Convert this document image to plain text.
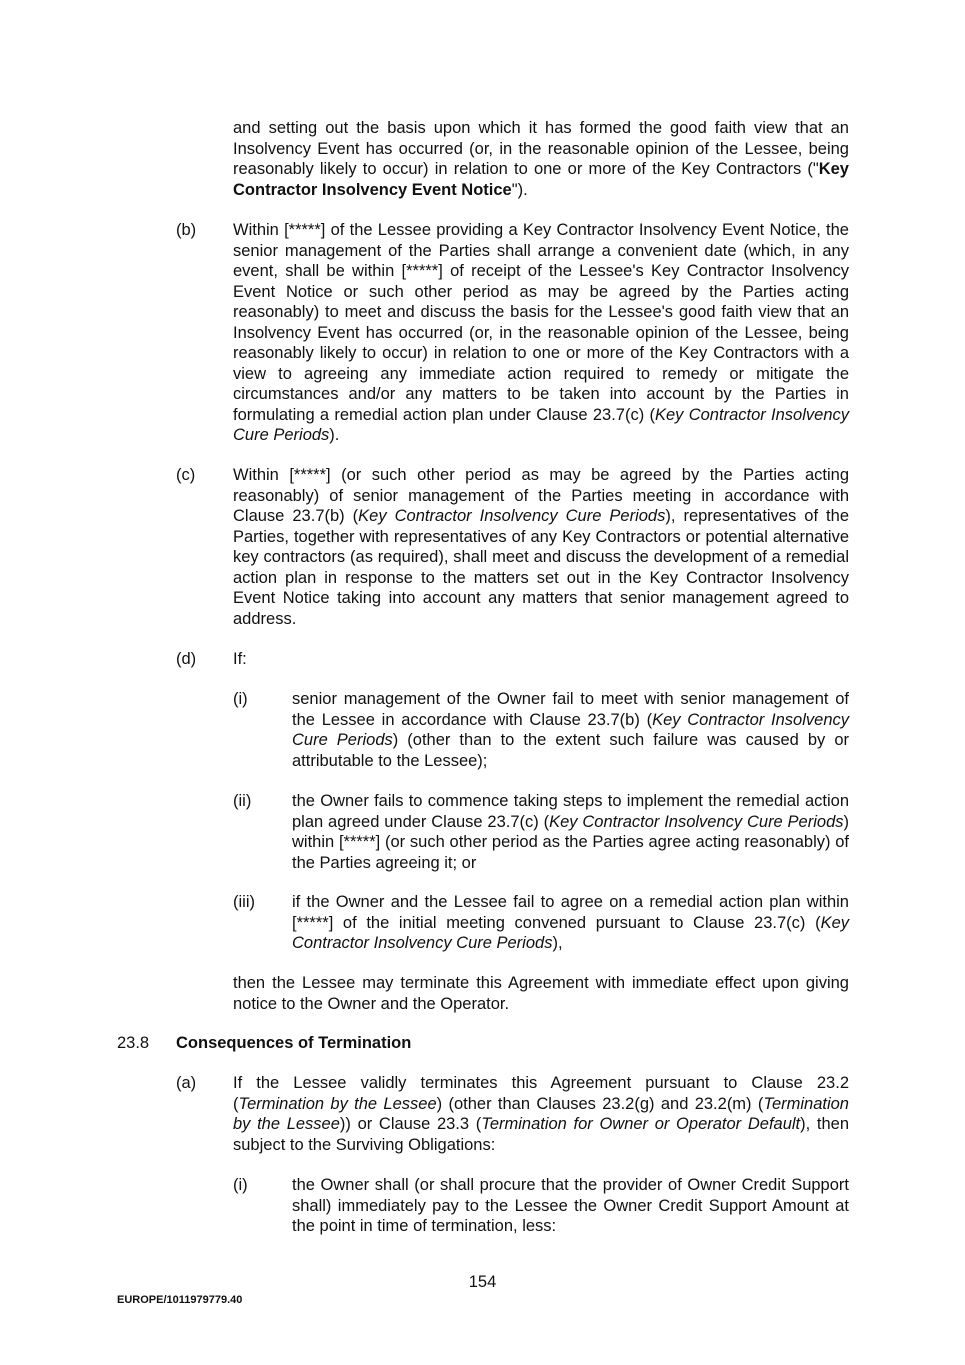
and setting out the basis upon which it has formed the good faith view that an Insolvency Event has occurred (or, in the reasonable opinion of the Lessee, being reasonably likely to occur) in relation to one or more of the Key Contractors ("Key Contractor Insolvency Event Notice").
(b) Within [*****] of the Lessee providing a Key Contractor Insolvency Event Notice, the senior management of the Parties shall arrange a convenient date (which, in any event, shall be within [*****] of receipt of the Lessee's Key Contractor Insolvency Event Notice or such other period as may be agreed by the Parties acting reasonably) to meet and discuss the basis for the Lessee's good faith view that an Insolvency Event has occurred (or, in the reasonable opinion of the Lessee, being reasonably likely to occur) in relation to one or more of the Key Contractors with a view to agreeing any immediate action required to remedy or mitigate the circumstances and/or any matters to be taken into account by the Parties in formulating a remedial action plan under Clause 23.7(c) (Key Contractor Insolvency Cure Periods).
(c) Within [*****] (or such other period as may be agreed by the Parties acting reasonably) of senior management of the Parties meeting in accordance with Clause 23.7(b) (Key Contractor Insolvency Cure Periods), representatives of the Parties, together with representatives of any Key Contractors or potential alternative key contractors (as required), shall meet and discuss the development of a remedial action plan in response to the matters set out in the Key Contractor Insolvency Event Notice taking into account any matters that senior management agreed to address.
(d) If:
(i)	senior management of the Owner fail to meet with senior management of the Lessee in accordance with Clause 23.7(b) (Key Contractor Insolvency Cure Periods) (other than to the extent such failure was caused by or attributable to the Lessee);
(ii) the Owner fails to commence taking steps to implement the remedial action plan agreed under Clause 23.7(c) (Key Contractor Insolvency Cure Periods) within [*****] (or such other period as the Parties agree acting reasonably) of the Parties agreeing it; or
(iii) if the Owner and the Lessee fail to agree on a remedial action plan within [*****] of the initial meeting convened pursuant to Clause 23.7(c) (Key Contractor Insolvency Cure Periods),
then the Lessee may terminate this Agreement with immediate effect upon giving notice to the Owner and the Operator.
23.8 Consequences of Termination
(a) If the Lessee validly terminates this Agreement pursuant to Clause 23.2 (Termination by the Lessee) (other than Clauses 23.2(g) and 23.2(m) (Termination by the Lessee)) or Clause 23.3 (Termination for Owner or Operator Default), then subject to the Surviving Obligations:
(i)	the Owner shall (or shall procure that the provider of Owner Credit Support shall) immediately pay to the Lessee the Owner Credit Support Amount at the point in time of termination, less:
154
EUROPE/1011979779.40
